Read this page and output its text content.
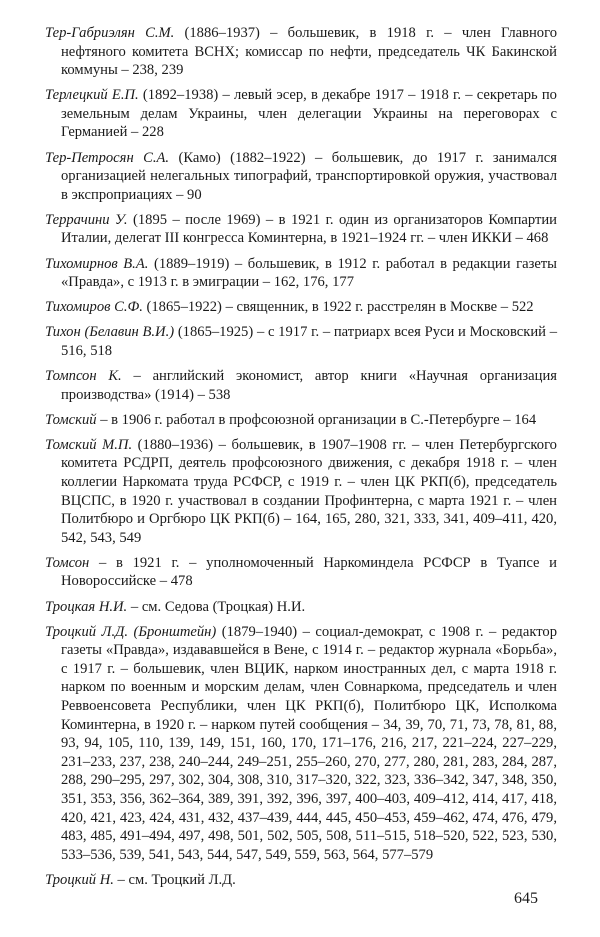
Тер-Габриэлян С.М. (1886–1937) – большевик, в 1918 г. – член Главного нефтяного комитета ВСНХ; комиссар по нефти, председатель ЧК Бакинской коммуны – 238, 239

Терлецкий Е.П. (1892–1938) – левый эсер, в декабре 1917 – 1918 г. – секретарь по земельным делам Украины, член делегации Украины на переговорах с Германией – 228

Тер-Петросян С.А. (Камо) (1882–1922) – большевик, до 1917 г. занимался организацией нелегальных типографий, транспортировкой оружия, участвовал в экспроприациях – 90

Террачини У. (1895 – после 1969) – в 1921 г. один из организаторов Компартии Италии, делегат III конгресса Коминтерна, в 1921–1924 гг. – член ИККИ – 468

Тихомирнов В.А. (1889–1919) – большевик, в 1912 г. работал в редакции газеты «Правда», с 1913 г. в эмиграции – 162, 176, 177

Тихомиров С.Ф. (1865–1922) – священник, в 1922 г. расстрелян в Москве – 522

Тихон (Белавин В.И.) (1865–1925) – с 1917 г. – патриарх всея Руси и Московский – 516, 518

Томпсон К. – английский экономист, автор книги «Научная организация производства» (1914) – 538

Томский – в 1906 г. работал в профсоюзной организации в С.-Петербурге – 164

Томский М.П. (1880–1936) – большевик, в 1907–1908 гг. – член Петербургского комитета РСДРП, деятель профсоюзного движения, с декабря 1918 г. – член коллегии Наркомата труда РСФСР, с 1919 г. – член ЦК РКП(б), председатель ВЦСПС, в 1920 г. участвовал в создании Профинтерна, с марта 1921 г. – член Политбюро и Оргбюро ЦК РКП(б) – 164, 165, 280, 321, 333, 341, 409–411, 420, 542, 543, 549

Томсон – в 1921 г. – уполномоченный Наркоминдела РСФСР в Туапсе и Новороссийске – 478

Троцкая Н.И. – см. Седова (Троцкая) Н.И.

Троцкий Л.Д. (Бронштейн) (1879–1940) – социал-демократ, с 1908 г. – редактор газеты «Правда», издававшейся в Вене, с 1914 г. – редактор журнала «Борьба», с 1917 г. – большевик, член ВЦИК, нарком иностранных дел, с марта 1918 г. нарком по военным и морским делам, член Совнаркома, председатель и член Реввоенсовета Республики, член ЦК РКП(б), Политбюро ЦК, Исполкома Коминтерна, в 1920 г. – нарком путей сообщения – 34, 39, 70, 71, 73, 78, 81, 88, 93, 94, 105, 110, 139, 149, 151, 160, 170, 171–176, 216, 217, 221–224, 227–229, 231–233, 237, 238, 240–244, 249–251, 255–260, 270, 277, 280, 281, 283, 284, 287, 288, 290–295, 297, 302, 304, 308, 310, 317–320, 322, 323, 336–342, 347, 348, 350, 351, 353, 356, 362–364, 389, 391, 392, 396, 397, 400–403, 409–412, 414, 417, 418, 420, 421, 423, 424, 431, 432, 437–439, 444, 445, 450–453, 459–462, 474, 476, 479, 483, 485, 491–494, 497, 498, 501, 502, 505, 508, 511–515, 518–520, 522, 523, 530, 533–536, 539, 541, 543, 544, 547, 549, 559, 563, 564, 577–579

Троцкий Н. – см. Троцкий Л.Д.

645
